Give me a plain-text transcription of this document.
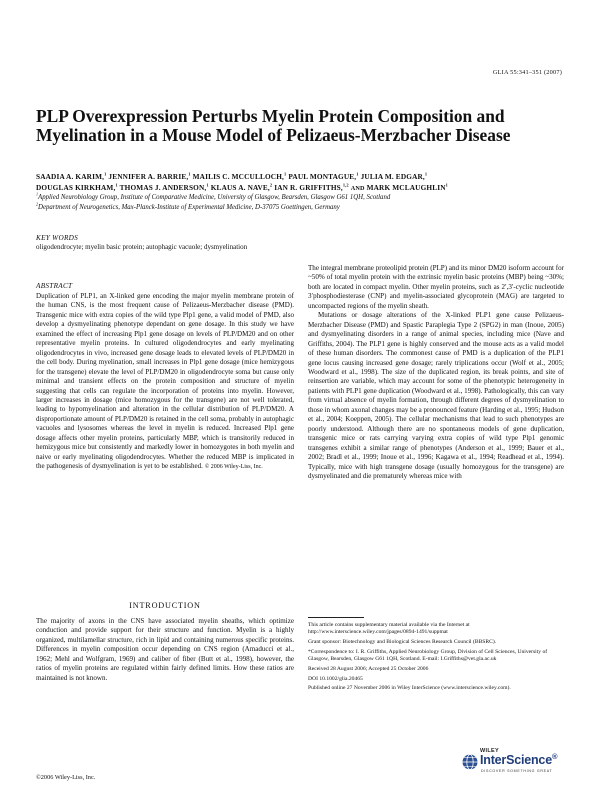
GLIA 55:341–351 (2007)
PLP Overexpression Perturbs Myelin Protein Composition and Myelination in a Mouse Model of Pelizaeus-Merzbacher Disease
SAADIA A. KARIM,$^1$ JENNIFER A. BARRIE,$^1$ MAILIS C. MCCULLOCH,$^1$ PAUL MONTAGUE,$^1$ JULIA M. EDGAR,$^1$
DOUGLAS KIRKHAM,$^1$ THOMAS J. ANDERSON,$^1$ KLAUS A. NAVE,$^2$ IAN R. GRIFFITHS,$^{1,2}$ AND MARK MCLAUGHLIN$^1$
$^1$Applied Neurobiology Group, Institute of Comparative Medicine, University of Glasgow, Bearsden, Glasgow G61 1QH, Scotland
$^2$Department of Neurogenetics, Max-Planck-Institute of Experimental Medicine, D-37075 Goettingen, Germany
KEY WORDS
oligodendrocyte; myelin basic protein; autophagic vacuole; dysmyelination
ABSTRACT
Duplication of PLP1, an X-linked gene encoding the major myelin membrane protein of the human CNS, is the most frequent cause of Pelizaeus-Merzbacher disease (PMD). Transgenic mice with extra copies of the wild type Plp1 gene, a valid model of PMD, also develop a dysmyelinating phenotype dependant on gene dosage. In this study we have examined the effect of increasing Plp1 gene dosage on levels of PLP/DM20 and on other representative myelin proteins. In cultured oligodendrocytes and early myelinating oligodendrocytes in vivo, increased gene dosage leads to elevated levels of PLP/DM20 in the cell body. During myelination, small increases in Plp1 gene dosage (mice hemizygous for the transgene) elevate the level of PLP/DM20 in oligodendrocyte soma but cause only minimal and transient effects on the protein composition and structure of myelin suggesting that cells can regulate the incorporation of proteins into myelin. However, larger increases in dosage (mice homozygous for the transgene) are not well tolerated, leading to hypomyelination and alteration in the cellular distribution of PLP/DM20. A disproportionate amount of PLP/DM20 is retained in the cell soma, probably in autophagic vacuoles and lysosomes whereas the level in myelin is reduced. Increased Plp1 gene dosage affects other myelin proteins, particularly MBP, which is transitorily reduced in hemizygous mice but consistently and markedly lower in homozygotes in both myelin and naive or early myelinating oligodendrocytes. Whether the reduced MBP is implicated in the pathogenesis of dysmyelination is yet to be established. © 2006 Wiley-Liss, Inc.
INTRODUCTION
The majority of axons in the CNS have associated myelin sheaths, which optimize conduction and provide support for their structure and function. Myelin is a highly organized, multilamellar structure, rich in lipid and containing numerous specific proteins. Differences in myelin composition occur depending on CNS region (Amaducci et al., 1962; Mehl and Wolfgram, 1969) and caliber of fiber (Butt et al., 1998), however, the ratios of myelin proteins are regulated within fairly defined limits. How these ratios are maintained is not known.
©2006 Wiley-Liss, Inc.

The integral membrane proteolipid protein (PLP) and its minor DM20 isoform account for ~50% of total myelin protein with the extrinsic myelin basic proteins (MBP) being ~30%; both are located in compact myelin. Other myelin proteins, such as 2′,3′-cyclic nucleotide 3′phosphodiesterase (CNP) and myelin-associated glycoprotein (MAG) are targeted to uncompacted regions of the myelin sheath.

Mutations or dosage alterations of the X-linked PLP1 gene cause Pelizaeus-Merzbacher Disease (PMD) and Spastic Paraplegia Type 2 (SPG2) in man (Inoue, 2005) and dysmyelinating disorders in a range of animal species, including mice (Nave and Griffiths, 2004). The PLP1 gene is highly conserved and the mouse acts as a valid model of these human disorders. The commonest cause of PMD is a duplication of the PLP1 gene locus causing increased gene dosage; rarely triplications occur (Wolf et al., 2005; Woodward et al., 1998). The size of the duplicated region, its break points, and site of reinsertion are variable, which may account for some of the phenotypic heterogeneity in patients with PLP1 gene duplication (Woodward et al., 1998). Pathologically, this can vary from virtual absence of myelin formation, through different degrees of dysmyelination to those in whom axonal changes may be a pronounced feature (Harding et al., 1995; Hudson et al., 2004; Koeppen, 2005). The cellular mechanisms that lead to such phenotypes are poorly understood. Although there are no spontaneous models of gene duplication, transgenic mice or rats carrying varying extra copies of wild type Plp1 genomic transgenes exhibit a similar range of phenotypes (Anderson et al., 1999; Bauer et al., 2002; Bradl et al., 1999; Inoue et al., 1996; Kagawa et al., 1994; Readhead et al., 1994). Typically, mice with high transgene dosage (usually homozygous for the transgene) are dysmyelinated and die prematurely whereas mice with

This article contains supplementary material available via the Internet at http://www.interscience.wiley.com/jpages/0894-1491/suppmat

Grant sponsor: Biotechnology and Biological Sciences Research Council (BBSRC).

*Correspondence to: I. R. Griffiths, Applied Neurobiology Group, Division of Cell Sciences, University of Glasgow, Bearsden, Glasgow G61 1QH, Scotland. E-mail: I.Griffiths@vet.gla.ac.uk

Received 28 August 2006; Accepted 25 October 2006

DOI 10.1002/glia.20465

Published online 27 November 2006 in Wiley InterScience (www.interscience.wiley.com).

WILEY
InterScience®
DISCOVER SOMETHING GREAT
